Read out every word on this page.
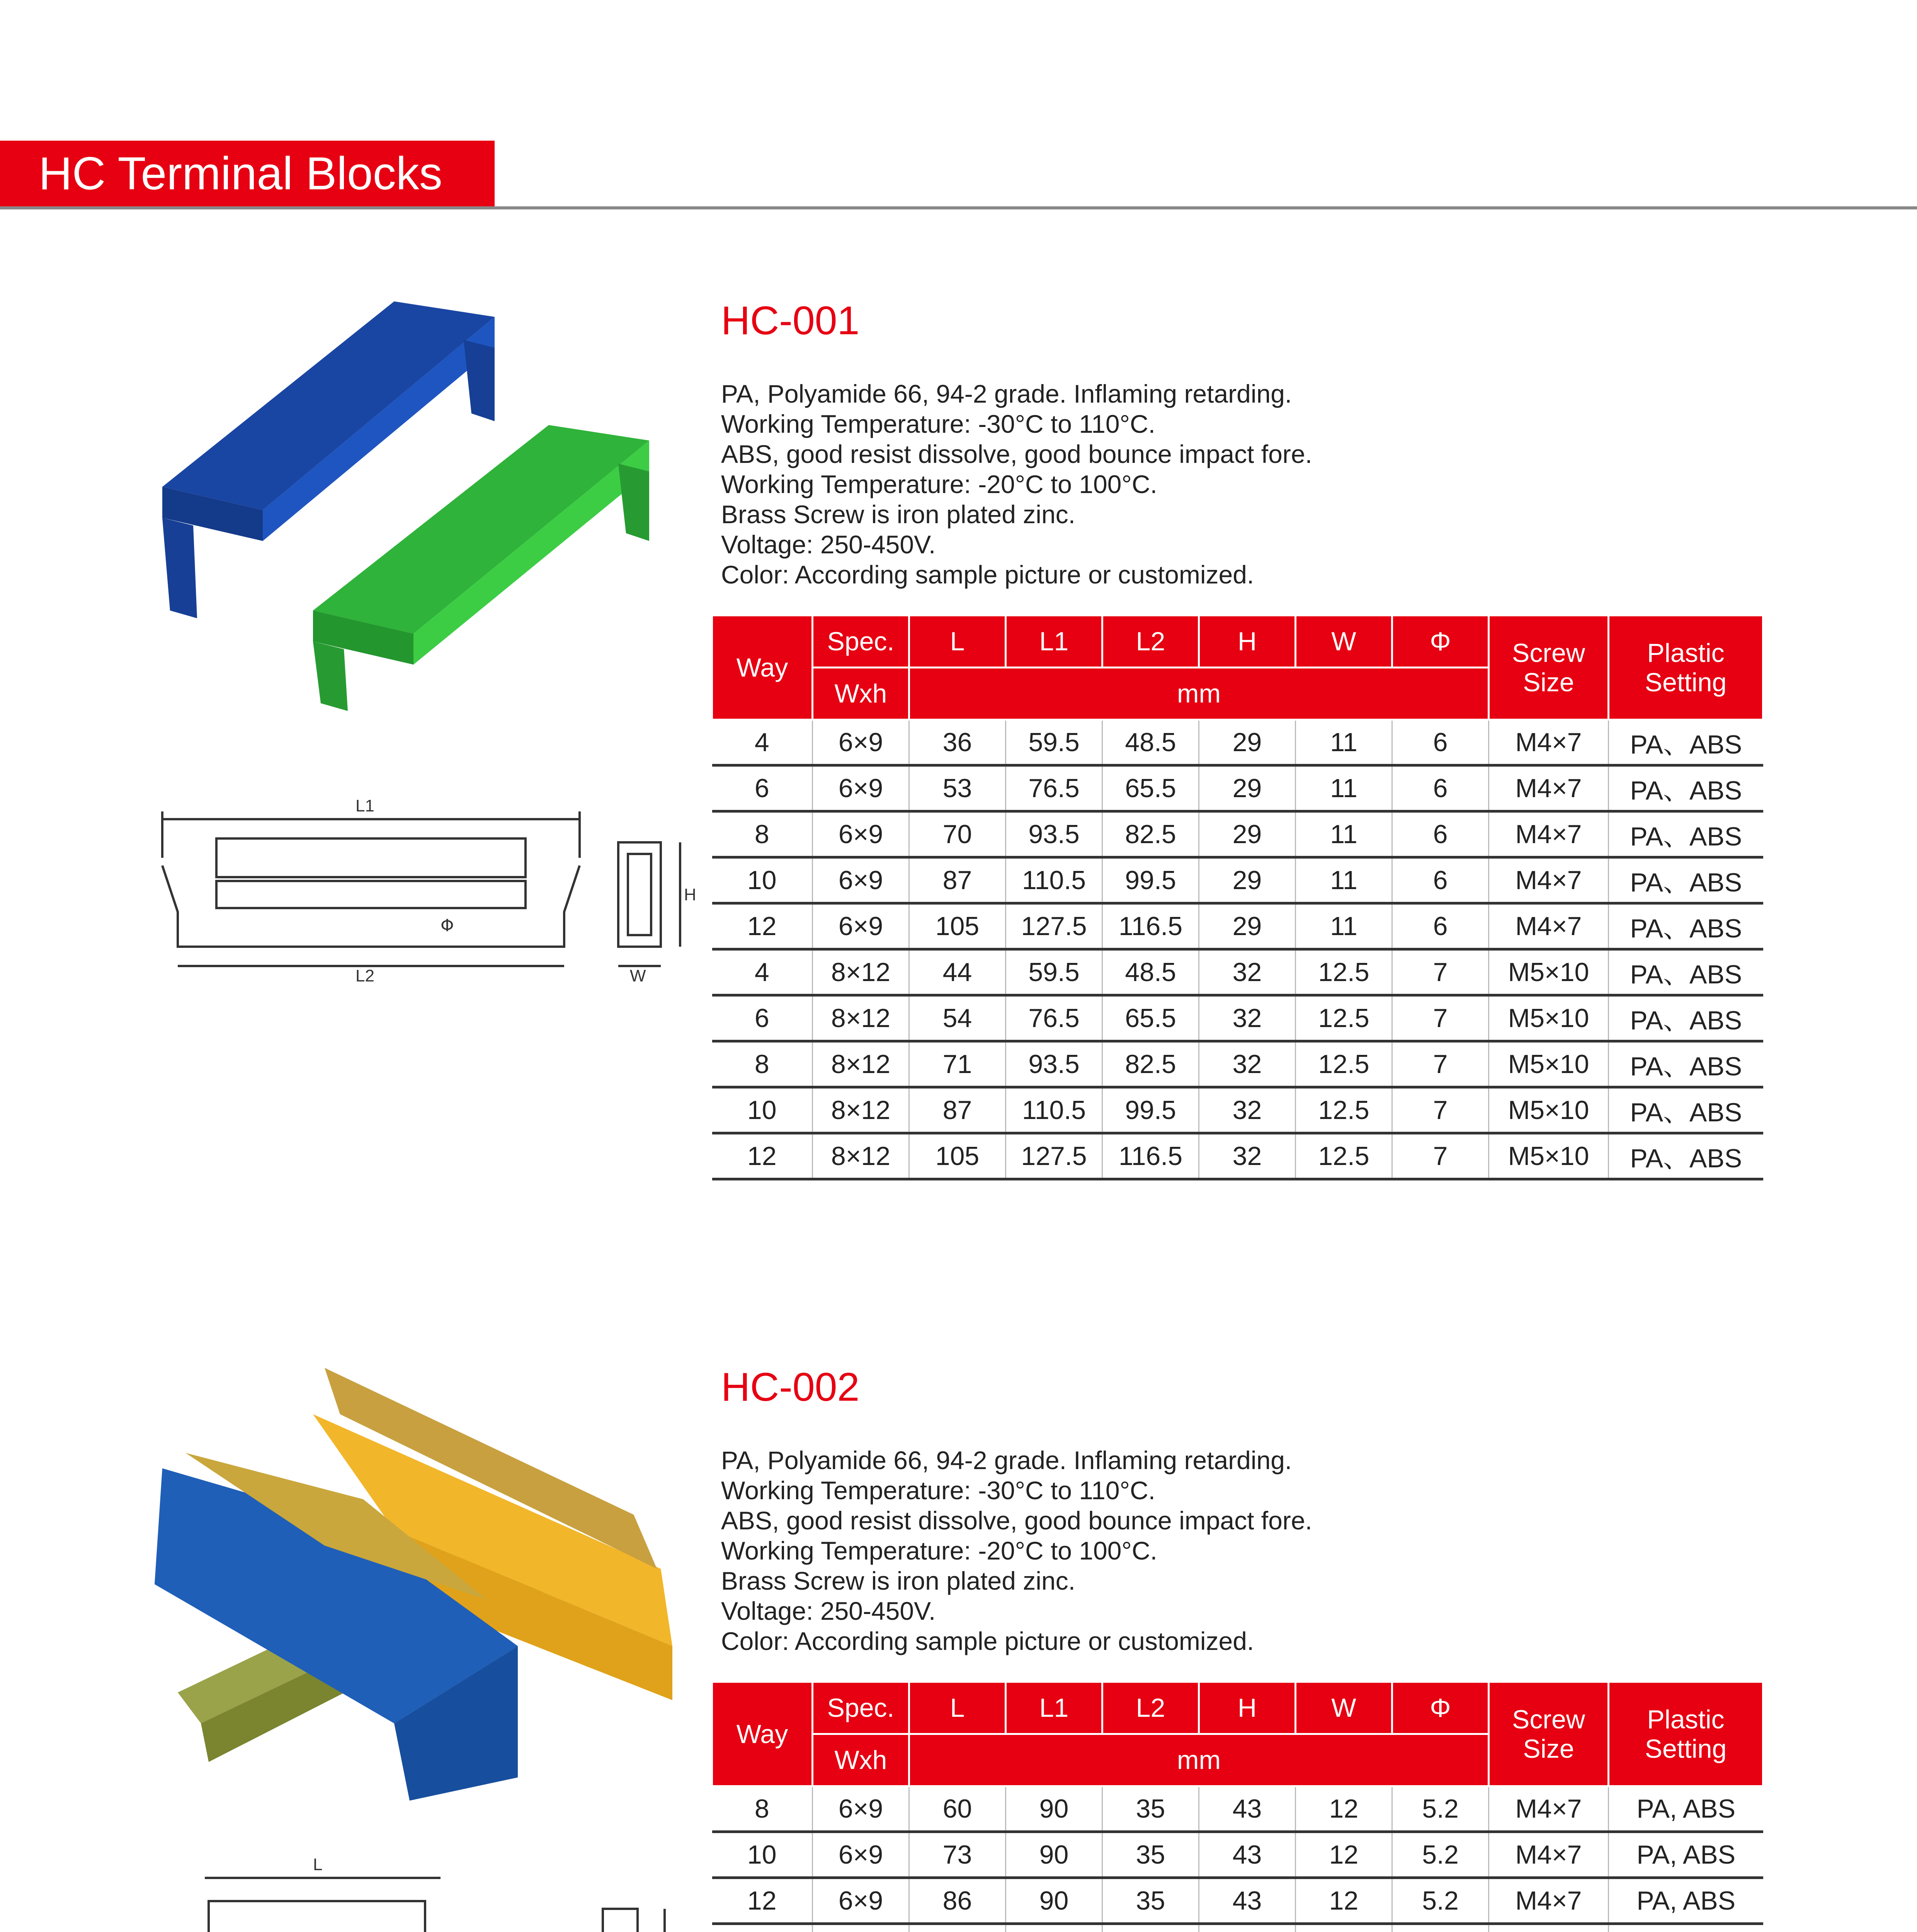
HC Terminal Blocks
L1
L2
H
W
Φ
HC-001
PA, Polyamide 66, 94-2 grade. Inflaming retarding.
Working Temperature: -30°C to 110°C.
ABS, good resist dissolve, good bounce impact fore.
Working Temperature: -20°C to 100°C.
Brass Screw is iron plated zinc.
Voltage: 250-450V.
Color: According sample picture or customized.
Way	Spec.	L	L1	L2	H	W	Φ	Screw Size	Plastic Setting
	Wxh	mm							
4	6×9	36	59.5	48.5	29	11	6	M4×7	PA、ABS
6	6×9	53	76.5	65.5	29	11	6	M4×7	PA、ABS
8	6×9	70	93.5	82.5	29	11	6	M4×7	PA、ABS
10	6×9	87	110.5	99.5	29	11	6	M4×7	PA、ABS
12	6×9	105	127.5	116.5	29	11	6	M4×7	PA、ABS
4	8×12	44	59.5	48.5	32	12.5	7	M5×10	PA、ABS
6	8×12	54	76.5	65.5	32	12.5	7	M5×10	PA、ABS
8	8×12	71	93.5	82.5	32	12.5	7	M5×10	PA、ABS
10	8×12	87	110.5	99.5	32	12.5	7	M5×10	PA、ABS
12	8×12	105	127.5	116.5	32	12.5	7	M5×10	PA、ABS
L
HC-002
PA, Polyamide 66, 94-2 grade. Inflaming retarding.
Working Temperature: -30°C to 110°C.
ABS, good resist dissolve, good bounce impact fore.
Working Temperature: -20°C to 100°C.
Brass Screw is iron plated zinc.
Voltage: 250-450V.
Color: According sample picture or customized.
Way	Spec.	L	L1	L2	H	W	Φ	Screw Size	Plastic Setting
	Wxh	mm							
8	6×9	60	90	35	43	12	5.2	M4×7	PA, ABS
10	6×9	73	90	35	43	12	5.2	M4×7	PA, ABS
12	6×9	86	90	35	43	12	5.2	M4×7	PA, ABS
